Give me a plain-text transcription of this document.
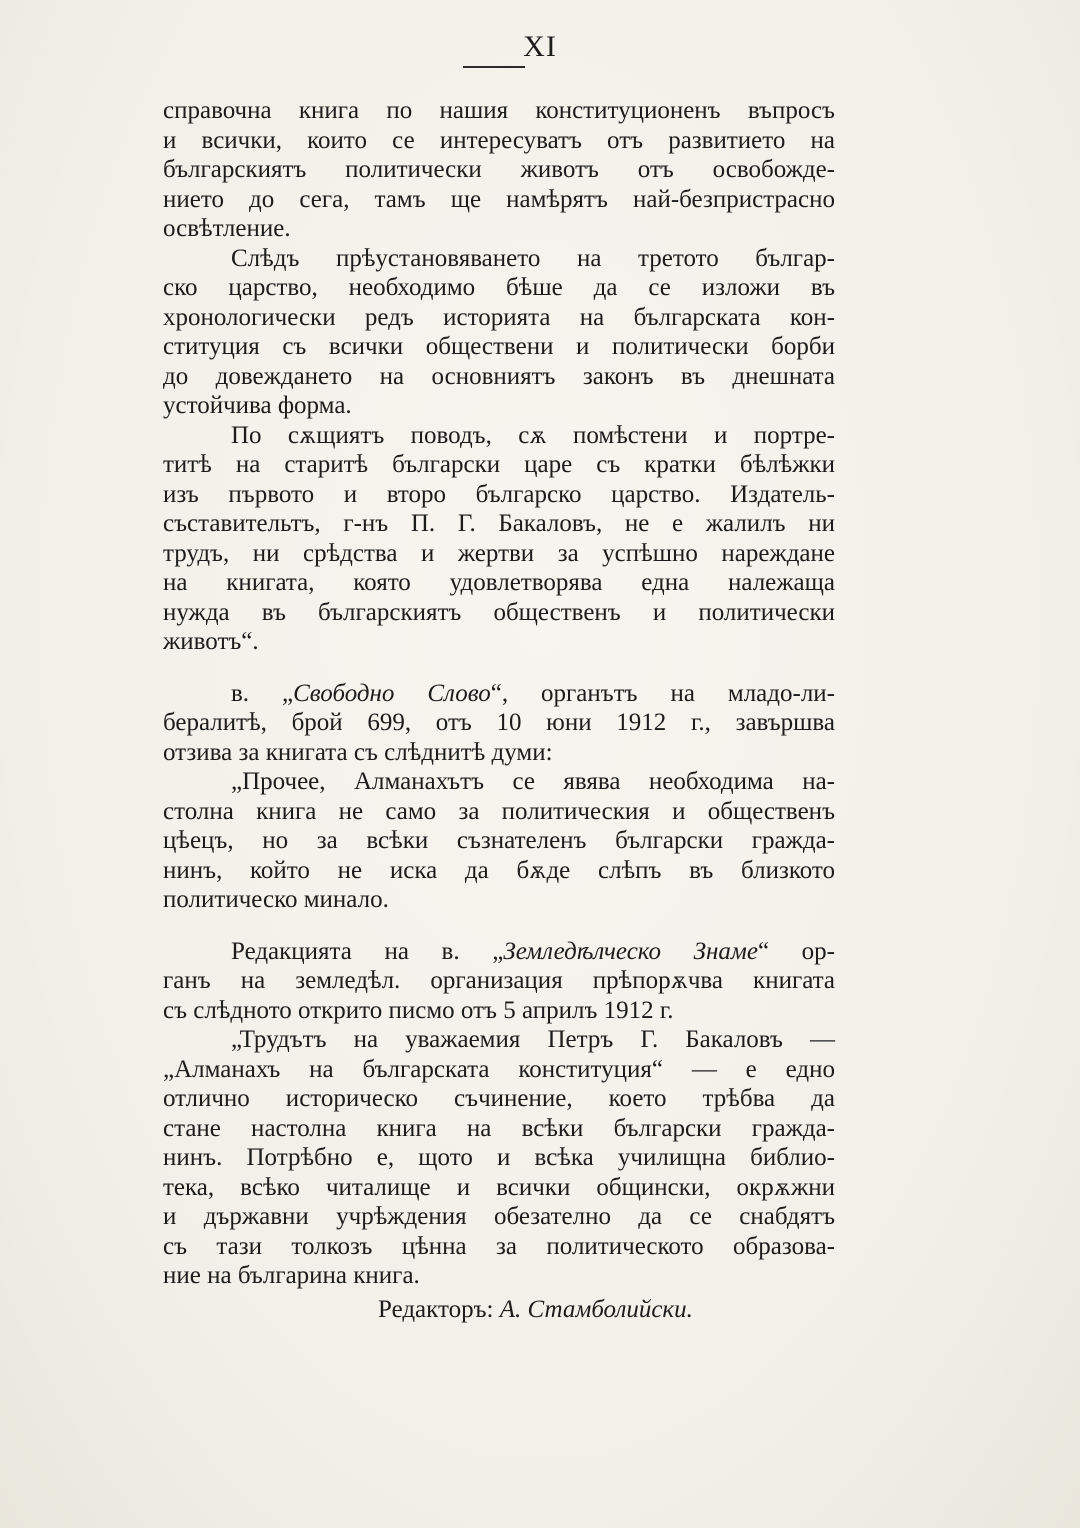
XI
справочна книга по нашия конституционенъ въпросъ
и всички, които се интересуватъ отъ развитието на
българскиятъ политически животъ отъ освобожде-
нието до сега, тамъ ще намѣрятъ най-безпристрасно
освѣтление.
Слѣдъ прѣустановяването на третото българ-
ско царство, необходимо бѣше да се изложи въ
хронологически редъ историята на българската кон-
ституция съ всички обществени и политически борби
до довеждането на основниятъ законъ въ днешната
устойчива форма.
По сѫщиятъ поводъ, сѫ помѣстени и портре-
титѣ на старитѣ български царе съ кратки бѣлѣжки
изъ първото и второ българско царство. Издатель-
съставительтъ, г-нъ П. Г. Бакаловъ, не е жалилъ ни
трудъ, ни срѣдства и жертви за успѣшно нареждане
на книгата, която удовлетворява една належаща
нужда въ българскиятъ общественъ и политически
животъ“.
в. „Свободно Слово“, органътъ на младо-ли-
бералитѣ, брой 699, отъ 10 юни 1912 г., завършва
отзива за книгата съ слѣднитѣ думи:
„Прочее, Алманахътъ се явява необходима на-
столна книга не само за политическия и общественъ
цѣецъ, но за всѣки съзнателенъ български гражда-
нинъ, който не иска да бѫде слѣпъ въ близкото
политическо минало.
Редакцията на в. „Земледѣлческо Знаме“ ор-
ганъ на земледѣл. организация прѣпорѫчва книгата
съ слѣдното открито писмо отъ 5 априлъ 1912 г.
„Трудътъ на уважаемия Петръ Г. Бакаловъ —
„Алманахъ на българската конституция“ — е едно
отлично историческо съчинение, което трѣбва да
стане настолна книга на всѣки български гражда-
нинъ. Потрѣбно е, щото и всѣка училищна библио-
тека, всѣко читалище и всички общински, окрѫжни
и държавни учрѣждения обезателно да се снабдятъ
съ тази толкозъ цѣнна за политическото образова-
ние на българина книга.
Редакторъ: А. Стамболийски.
